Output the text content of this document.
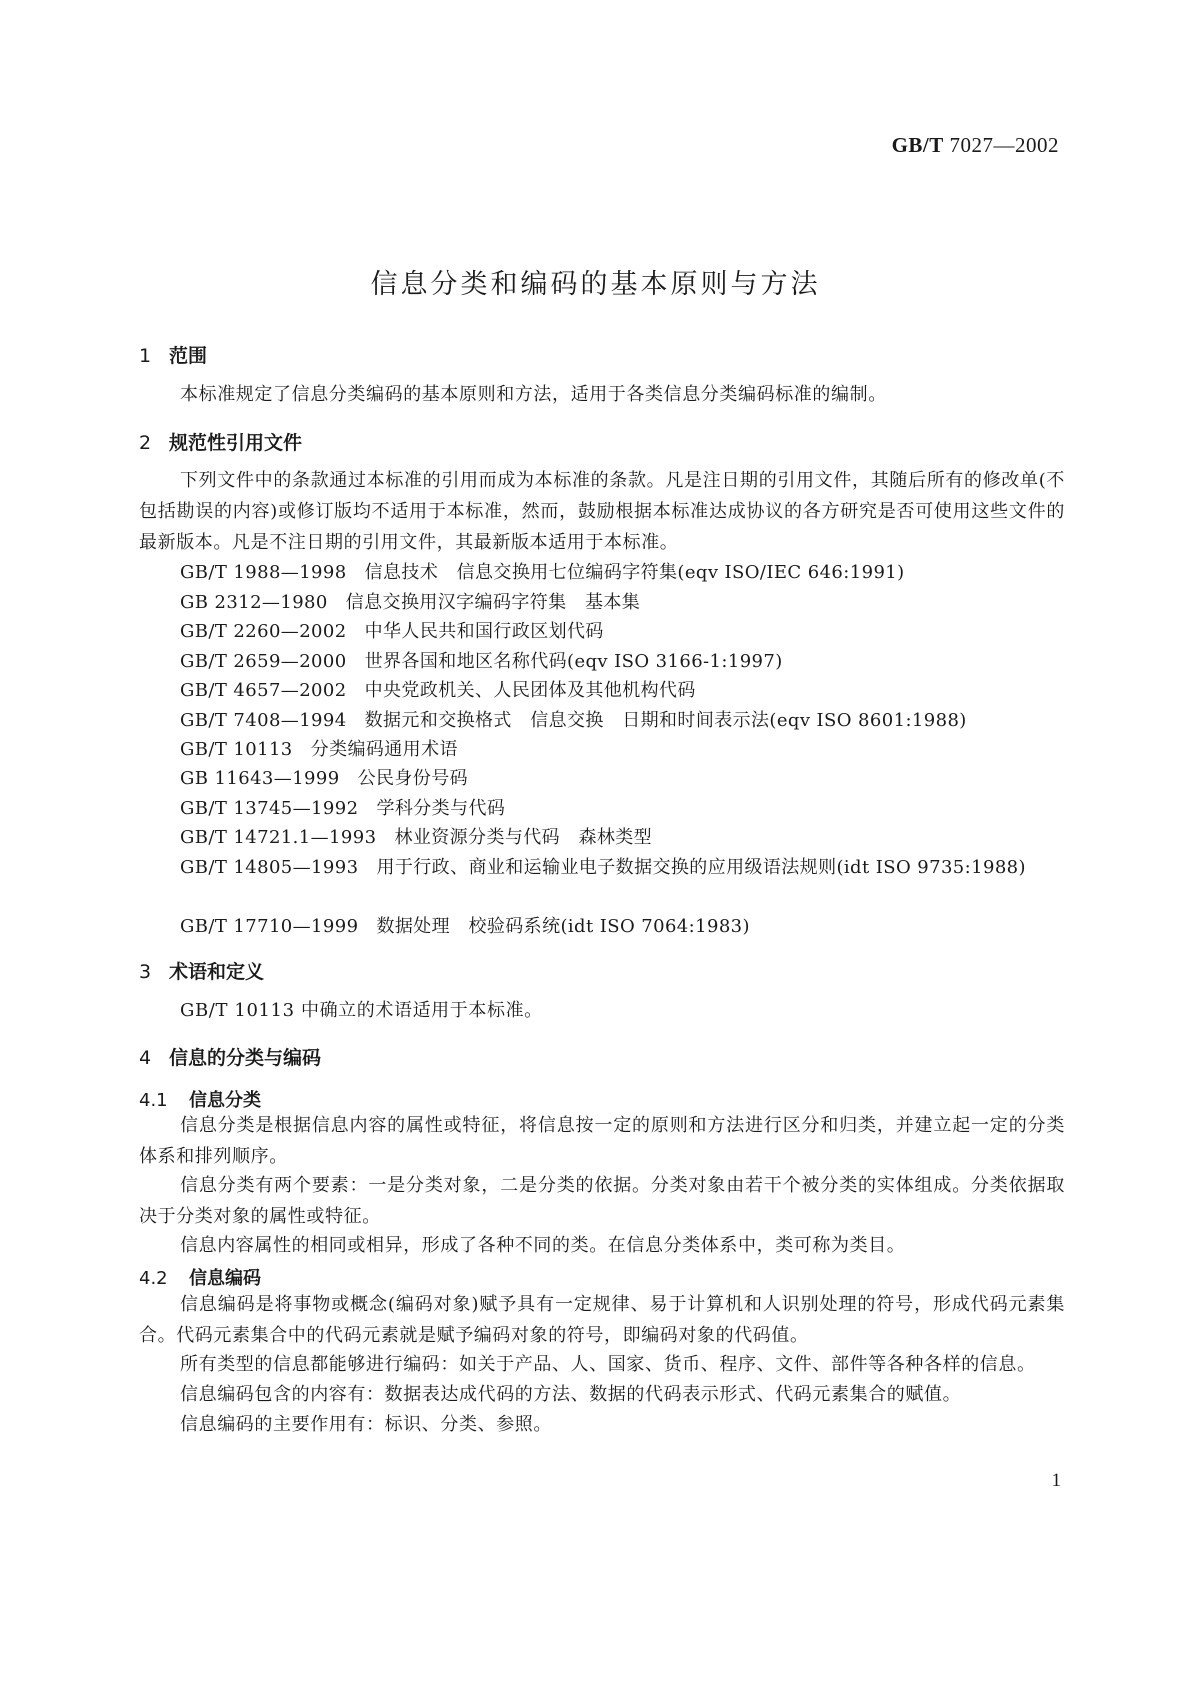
GB/T 7027—2002
信息分类和编码的基本原则与方法
1 范围
本标准规定了信息分类编码的基本原则和方法，适用于各类信息分类编码标准的编制。
2 规范性引用文件
下列文件中的条款通过本标准的引用而成为本标准的条款。凡是注日期的引用文件，其随后所有的修改单(不包括勘误的内容)或修订版均不适用于本标准，然而，鼓励根据本标准达成协议的各方研究是否可使用这些文件的最新版本。凡是不注日期的引用文件，其最新版本适用于本标准。
GB/T 1988—1998 信息技术　信息交换用七位编码字符集(eqv ISO/IEC 646:1991)
GB 2312—1980 信息交换用汉字编码字符集　基本集
GB/T 2260—2002 中华人民共和国行政区划代码
GB/T 2659—2000 世界各国和地区名称代码(eqv ISO 3166-1:1997)
GB/T 4657—2002 中央党政机关、人民团体及其他机构代码
GB/T 7408—1994 数据元和交换格式　信息交换　日期和时间表示法(eqv ISO 8601:1988)
GB/T 10113 分类编码通用术语
GB 11643—1999 公民身份号码
GB/T 13745—1992 学科分类与代码
GB/T 14721.1—1993 林业资源分类与代码　森林类型
GB/T 14805—1993 用于行政、商业和运输业电子数据交换的应用级语法规则(idt ISO 9735:1988)
GB/T 17710—1999 数据处理　校验码系统(idt ISO 7064:1983)
3 术语和定义
GB/T 10113 中确立的术语适用于本标准。
4 信息的分类与编码
4.1 信息分类
信息分类是根据信息内容的属性或特征，将信息按一定的原则和方法进行区分和归类，并建立起一定的分类体系和排列顺序。
信息分类有两个要素：一是分类对象，二是分类的依据。分类对象由若干个被分类的实体组成。分类依据取决于分类对象的属性或特征。
信息内容属性的相同或相异，形成了各种不同的类。在信息分类体系中，类可称为类目。
4.2 信息编码
信息编码是将事物或概念(编码对象)赋予具有一定规律、易于计算机和人识别处理的符号，形成代码元素集合。代码元素集合中的代码元素就是赋予编码对象的符号，即编码对象的代码值。
所有类型的信息都能够进行编码：如关于产品、人、国家、货币、程序、文件、部件等各种各样的信息。
信息编码包含的内容有：数据表达成代码的方法、数据的代码表示形式、代码元素集合的赋值。
信息编码的主要作用有：标识、分类、参照。
1
